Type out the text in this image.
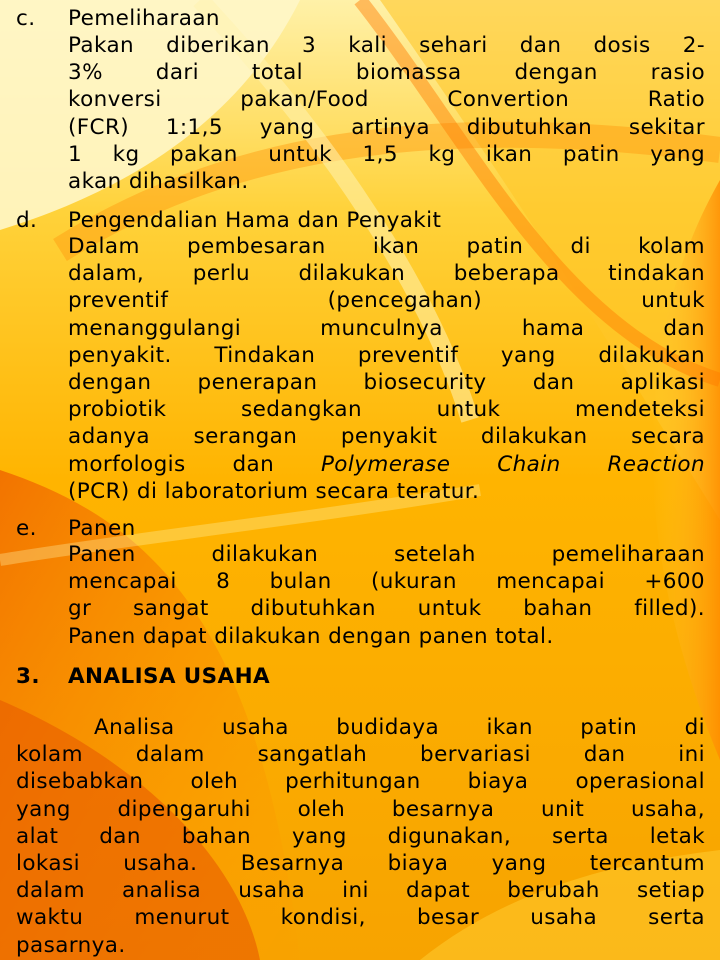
c.	Pemeliharaan
Pakan diberikan 3 kali sehari dan dosis 2-
3% dari total biomassa dengan rasio
konversi pakan/Food Convertion Ratio
(FCR) 1:1,5 yang artinya dibutuhkan sekitar
1 kg pakan untuk 1,5 kg ikan patin yang
akan dihasilkan.
d.	Pengendalian Hama dan Penyakit
Dalam pembesaran ikan patin di kolam
dalam, perlu dilakukan beberapa tindakan
preventif (pencegahan) untuk
menanggulangi munculnya hama dan
penyakit. Tindakan preventif yang dilakukan
dengan penerapan biosecurity dan aplikasi
probiotik sedangkan untuk mendeteksi
adanya serangan penyakit dilakukan secara
morfologis dan Polymerase Chain Reaction
(PCR) di laboratorium secara teratur.
e.	Panen
Panen dilakukan setelah pemeliharaan
mencapai 8 bulan (ukuran mencapai +600
gr sangat dibutuhkan untuk bahan filled).
Panen dapat dilakukan dengan panen total.
3. ANALISA USAHA
Analisa usaha budidaya ikan patin di
kolam dalam sangatlah bervariasi dan ini
disebabkan oleh perhitungan biaya operasional
yang dipengaruhi oleh besarnya unit usaha,
alat dan bahan yang digunakan, serta letak
lokasi usaha. Besarnya biaya yang tercantum
dalam analisa usaha ini dapat berubah setiap
waktu menurut kondisi, besar usaha serta
pasarnya.
